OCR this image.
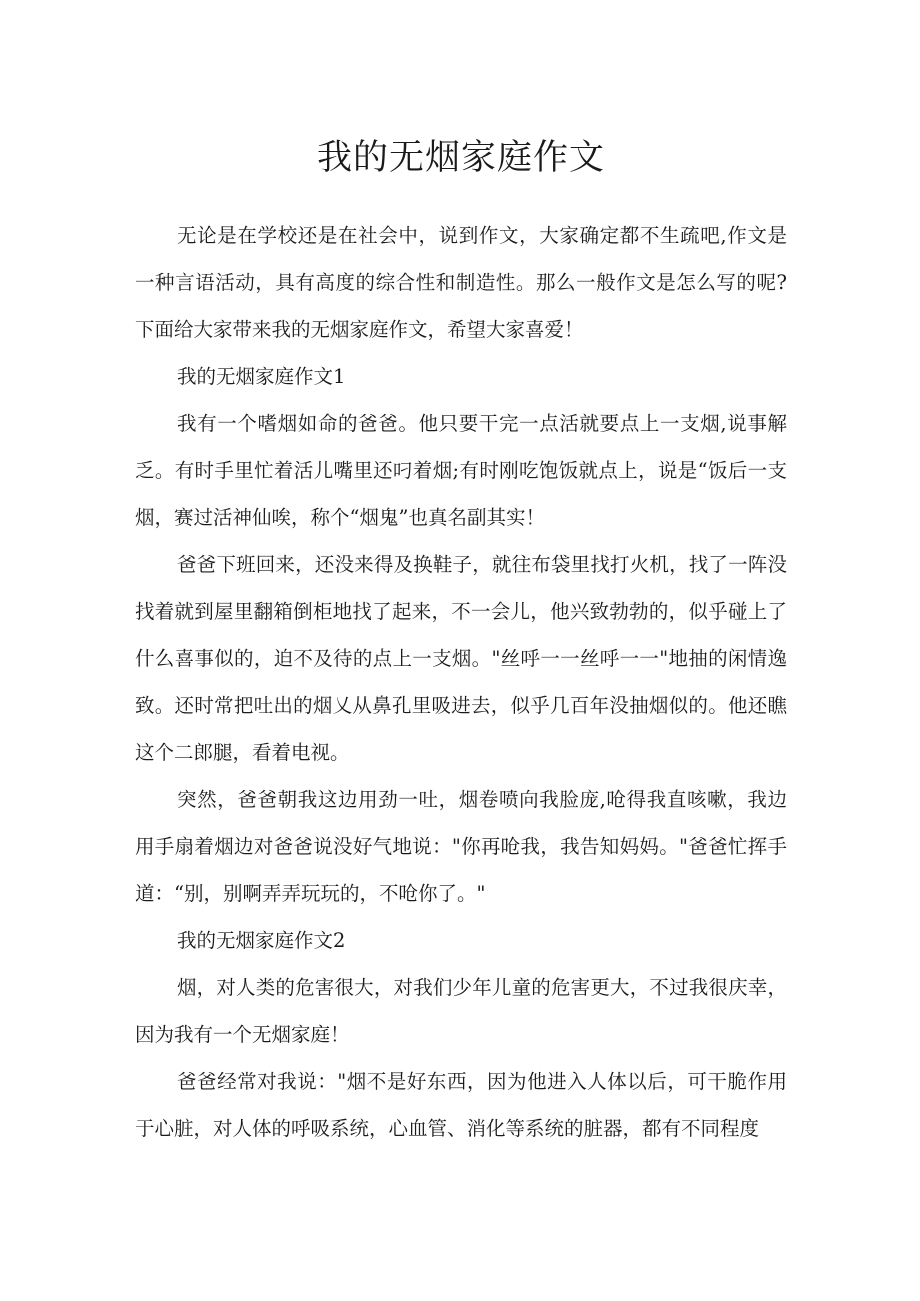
我的无烟家庭作文

无论是在学校还是在社会中，说到作文，大家确定都不生疏吧,作文是一种言语活动，具有高度的综合性和制造性。那么一般作文是怎么写的呢?下面给大家带来我的无烟家庭作文，希望大家喜爱！

我的无烟家庭作文1

我有一个嗜烟如命的爸爸。他只要干完一点活就要点上一支烟,说事解乏。有时手里忙着活儿嘴里还叼着烟;有时刚吃饱饭就点上，说是“饭后一支烟，赛过活神仙唉，称个“烟鬼”也真名副其实！

爸爸下班回来，还没来得及换鞋子，就往布袋里找打火机，找了一阵没找着就到屋里翻箱倒柜地找了起来，不一会儿，他兴致勃勃的，似乎碰上了什么喜事似的，迫不及待的点上一支烟。"丝呼一一丝呼一一"地抽的闲情逸致。还时常把吐出的烟乂从鼻孔里吸进去，似乎几百年没抽烟似的。他还瞧这个二郎腿，看着电视。

突然，爸爸朝我这边用劲一吐，烟卷喷向我脸庞,呛得我直咳嗽，我边用手扇着烟边对爸爸说没好气地说："你再呛我，我告知妈妈。"爸爸忙挥手道：“别，别啊弄弄玩玩的，不呛你了。"

我的无烟家庭作文2

烟，对人类的危害很大，对我们少年儿童的危害更大，不过我很庆幸，因为我有一个无烟家庭！

爸爸经常对我说："烟不是好东西，因为他进入人体以后，可干脆作用于心脏，对人体的呼吸系统，心血管、消化等系统的脏器，都有不同程度
